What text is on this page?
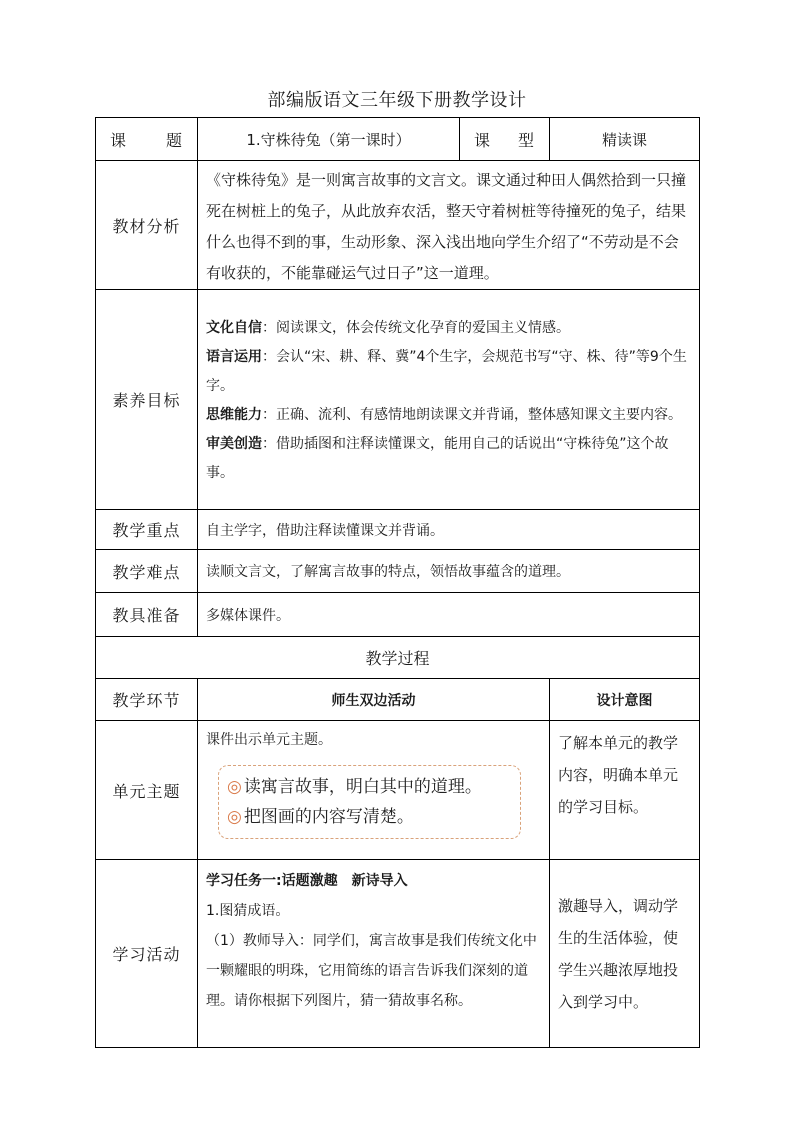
部编版语文三年级下册教学设计
课 题	1.守株待兔（第一课时）	课 型	精读课
教材分析	《守株待兔》是一则寓言故事的文言文。课文通过种田人偶然拾到一只撞死在树桩上的兔子，从此放弃农活，整天守着树桩等待撞死的兔子，结果什么也得不到的事，生动形象、深入浅出地向学生介绍了“不劳动是不会有收获的，不能靠碰运气过日子”这一道理。		

素养目标	文化自信：阅读课文，体会传统文化孕育的爱国主义情感。

语言运用：会认“宋、耕、释、冀”4个生字，会规范书写“守、株、待”等9个生字。

思维能力：正确、流利、有感情地朗读课文并背诵，整体感知课文主要内容。

审美创造：借助插图和注释读懂课文，能用自己的话说出“守株待兔”这个故事。		

教学重点	自主学字，借助注释读懂课文并背诵。		
教学难点	读顺文言文，了解寓言故事的特点，领悟故事蕴含的道理。		
教具准备	多媒体课件。		
教学过程			
教学环节	师生双边活动		设计意图
单元主题	课件出示单元主题。
◎ 读寓言故事，明白其中的道理。
◎ 把图画的内容写清楚。		了解本单元的教学内容，明确本单元的学习目标。
学习活动	学习任务一:话题激趣　新诗导入

1.图猜成语。

（1）教师导入：同学们，寓言故事是我们传统文化中一颗耀眼的明珠，它用简练的语言告诉我们深刻的道理。请你根据下列图片，猜一猜故事名称。		激趣导入，调动学生的生活体验，使学生兴趣浓厚地投入到学习中。
